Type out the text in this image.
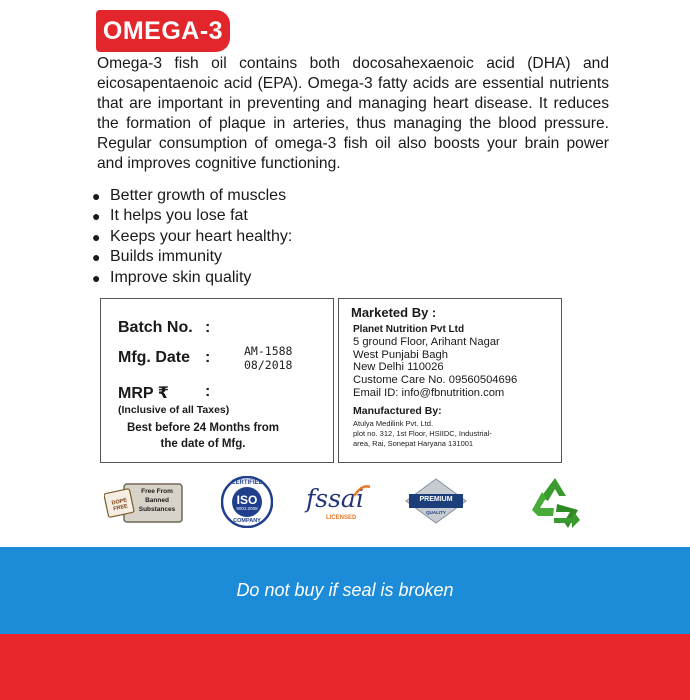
OMEGA-3
Omega-3 fish oil contains both docosahexaenoic acid (DHA) and eicosapentaenoic acid (EPA). Omega-3 fatty acids are essential nutrients that are important in preventing and managing heart disease. It reduces the formation of plaque in arteries, thus managing the blood pressure. Regular consumption of omega-3 fish oil also boosts your brain power and improves cognitive functioning.
● Better growth of muscles
● It helps you lose fat
● Keeps your heart healthy:
● Builds immunity
● Improve skin quality
Batch No. :
Mfg. Date :	AM-1588
08/2018
MRP ₹ :
(Inclusive of all Taxes)
Best before 24 Months from
the date of Mfg.
Marketed By :
Planet Nutrition Pvt Ltd
5 ground Floor, Arihant Nagar
West Punjabi Bagh
New Delhi 110026
Custome Care No. 09560504696
Email ID: info@fbnutrition.com
Manufactured By:
Atulya Medilink Pvt. Ltd.
plot no. 312, 1st Floor, HSIIDC, Industrial-
area, Rai, Sonepat Haryana 131001
DOPE FREE
Free From
Banned
Substances
CERTIFIED
ISO
9001:2008
COMPANY
fssai
LICENSED
PREMIUM
QUALITY
Do not buy if seal is broken
